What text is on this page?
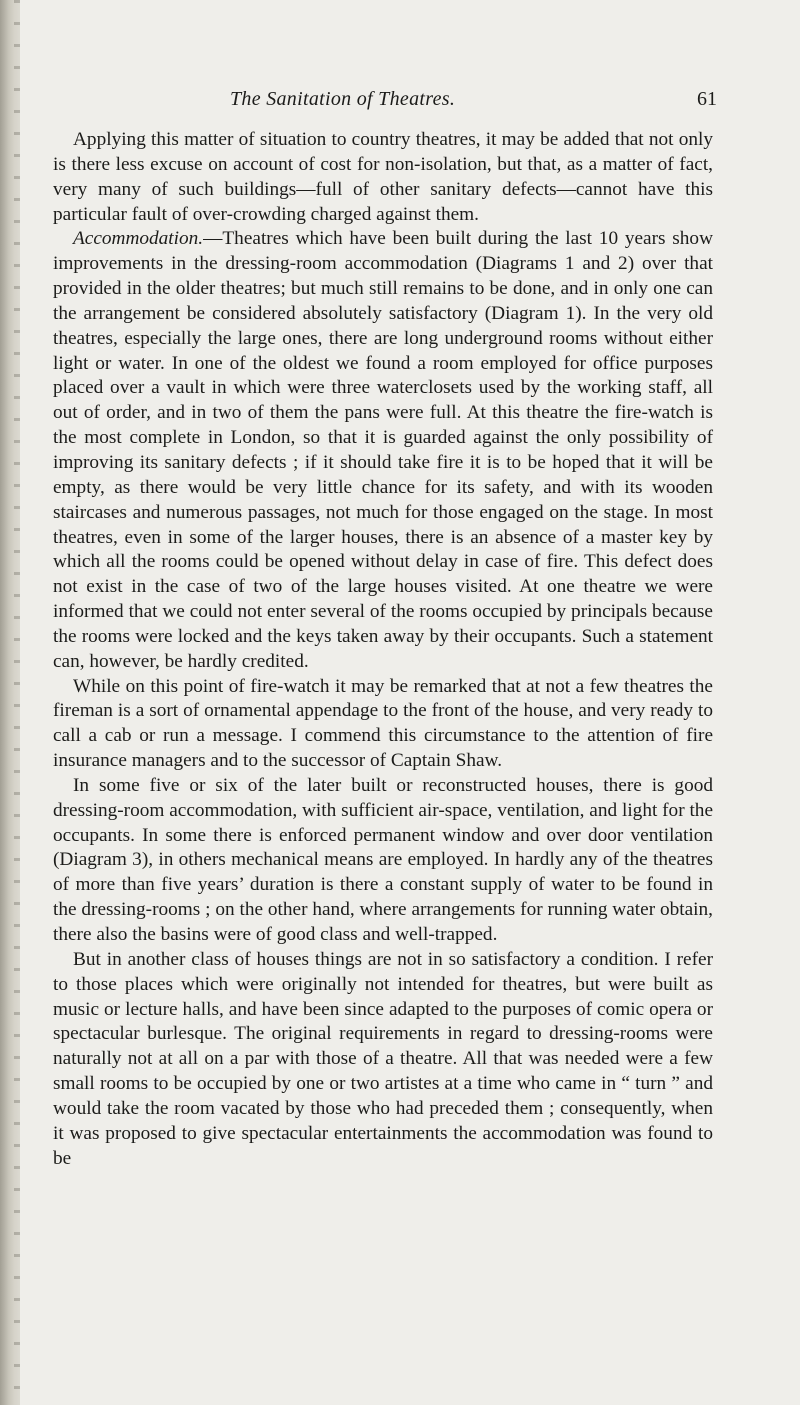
The Sanitation of Theatres.	61

Applying this matter of situation to country theatres, it may be added that not only is there less excuse on account of cost for non-isolation, but that, as a matter of fact, very many of such buildings—full of other sanitary defects—cannot have this particular fault of over-crowding charged against them.

Accommodation.—Theatres which have been built during the last 10 years show improvements in the dressing-room accommodation (Diagrams 1 and 2) over that provided in the older theatres; but much still remains to be done, and in only one can the arrangement be considered absolutely satisfactory (Diagram 1). In the very old theatres, especially the large ones, there are long underground rooms without either light or water. In one of the oldest we found a room employed for office purposes placed over a vault in which were three waterclosets used by the working staff, all out of order, and in two of them the pans were full. At this theatre the fire-watch is the most complete in London, so that it is guarded against the only possibility of improving its sanitary defects ; if it should take fire it is to be hoped that it will be empty, as there would be very little chance for its safety, and with its wooden staircases and numerous passages, not much for those engaged on the stage. In most theatres, even in some of the larger houses, there is an absence of a master key by which all the rooms could be opened without delay in case of fire. This defect does not exist in the case of two of the large houses visited. At one theatre we were informed that we could not enter several of the rooms occupied by principals because the rooms were locked and the keys taken away by their occupants. Such a statement can, however, be hardly credited.

While on this point of fire-watch it may be remarked that at not a few theatres the fireman is a sort of ornamental appendage to the front of the house, and very ready to call a cab or run a message. I commend this circumstance to the attention of fire insurance managers and to the successor of Captain Shaw.

In some five or six of the later built or reconstructed houses, there is good dressing-room accommodation, with sufficient air-space, ventilation, and light for the occupants. In some there is enforced permanent window and over door ventilation (Diagram 3), in others mechanical means are employed. In hardly any of the theatres of more than five years’ duration is there a constant supply of water to be found in the dressing-rooms ; on the other hand, where arrangements for running water obtain, there also the basins were of good class and well-trapped.

But in another class of houses things are not in so satisfactory a condition. I refer to those places which were originally not intended for theatres, but were built as music or lecture halls, and have been since adapted to the purposes of comic opera or spectacular burlesque. The original requirements in regard to dressing-rooms were naturally not at all on a par with those of a theatre. All that was needed were a few small rooms to be occupied by one or two artistes at a time who came in “ turn ” and would take the room vacated by those who had preceded them ; consequently, when it was proposed to give spectacular entertainments the accommodation was found to be
